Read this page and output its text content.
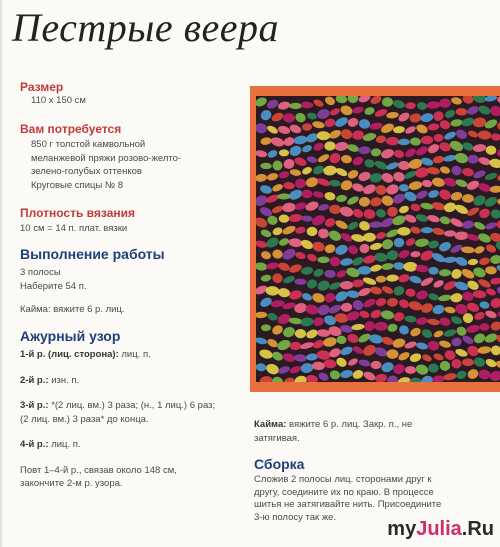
Пестрые веера
Размер
110 x 150 см
Вам потребуется
850 г толстой камвольной
меланжевой пряжи розово-желто-
зелено-голубых оттенков
Круговые спицы № 8
Плотность вязания
10 см = 14 п. плат. вязки
Выполнение работы
3 полосы
Наберите 54 п.
Кайма: вяжите 6 р. лиц.
Ажурный узор
1-й р. (лиц. сторона): лиц. п.
2-й р.: изн. п.
3-й р.: *(2 лиц. вм.) 3 раза; (н., 1 лиц.) 6 раз;
(2 лиц. вм.) 3 раза* до конца.
4-й р.: лиц. п.
Повт 1–4-й р., связав около 148 см,
закончите 2-м р. узора.
Кайма: вяжите 6 р. лиц. Закр. п., не
затягивая.
Сборка
Сложив 2 полосы лиц. сторонами друг к
другу, соедините их по краю. В процессе
шитья не затягивайте нить. Присоедините
3-ю полосу так же.
myJulia.Ru
